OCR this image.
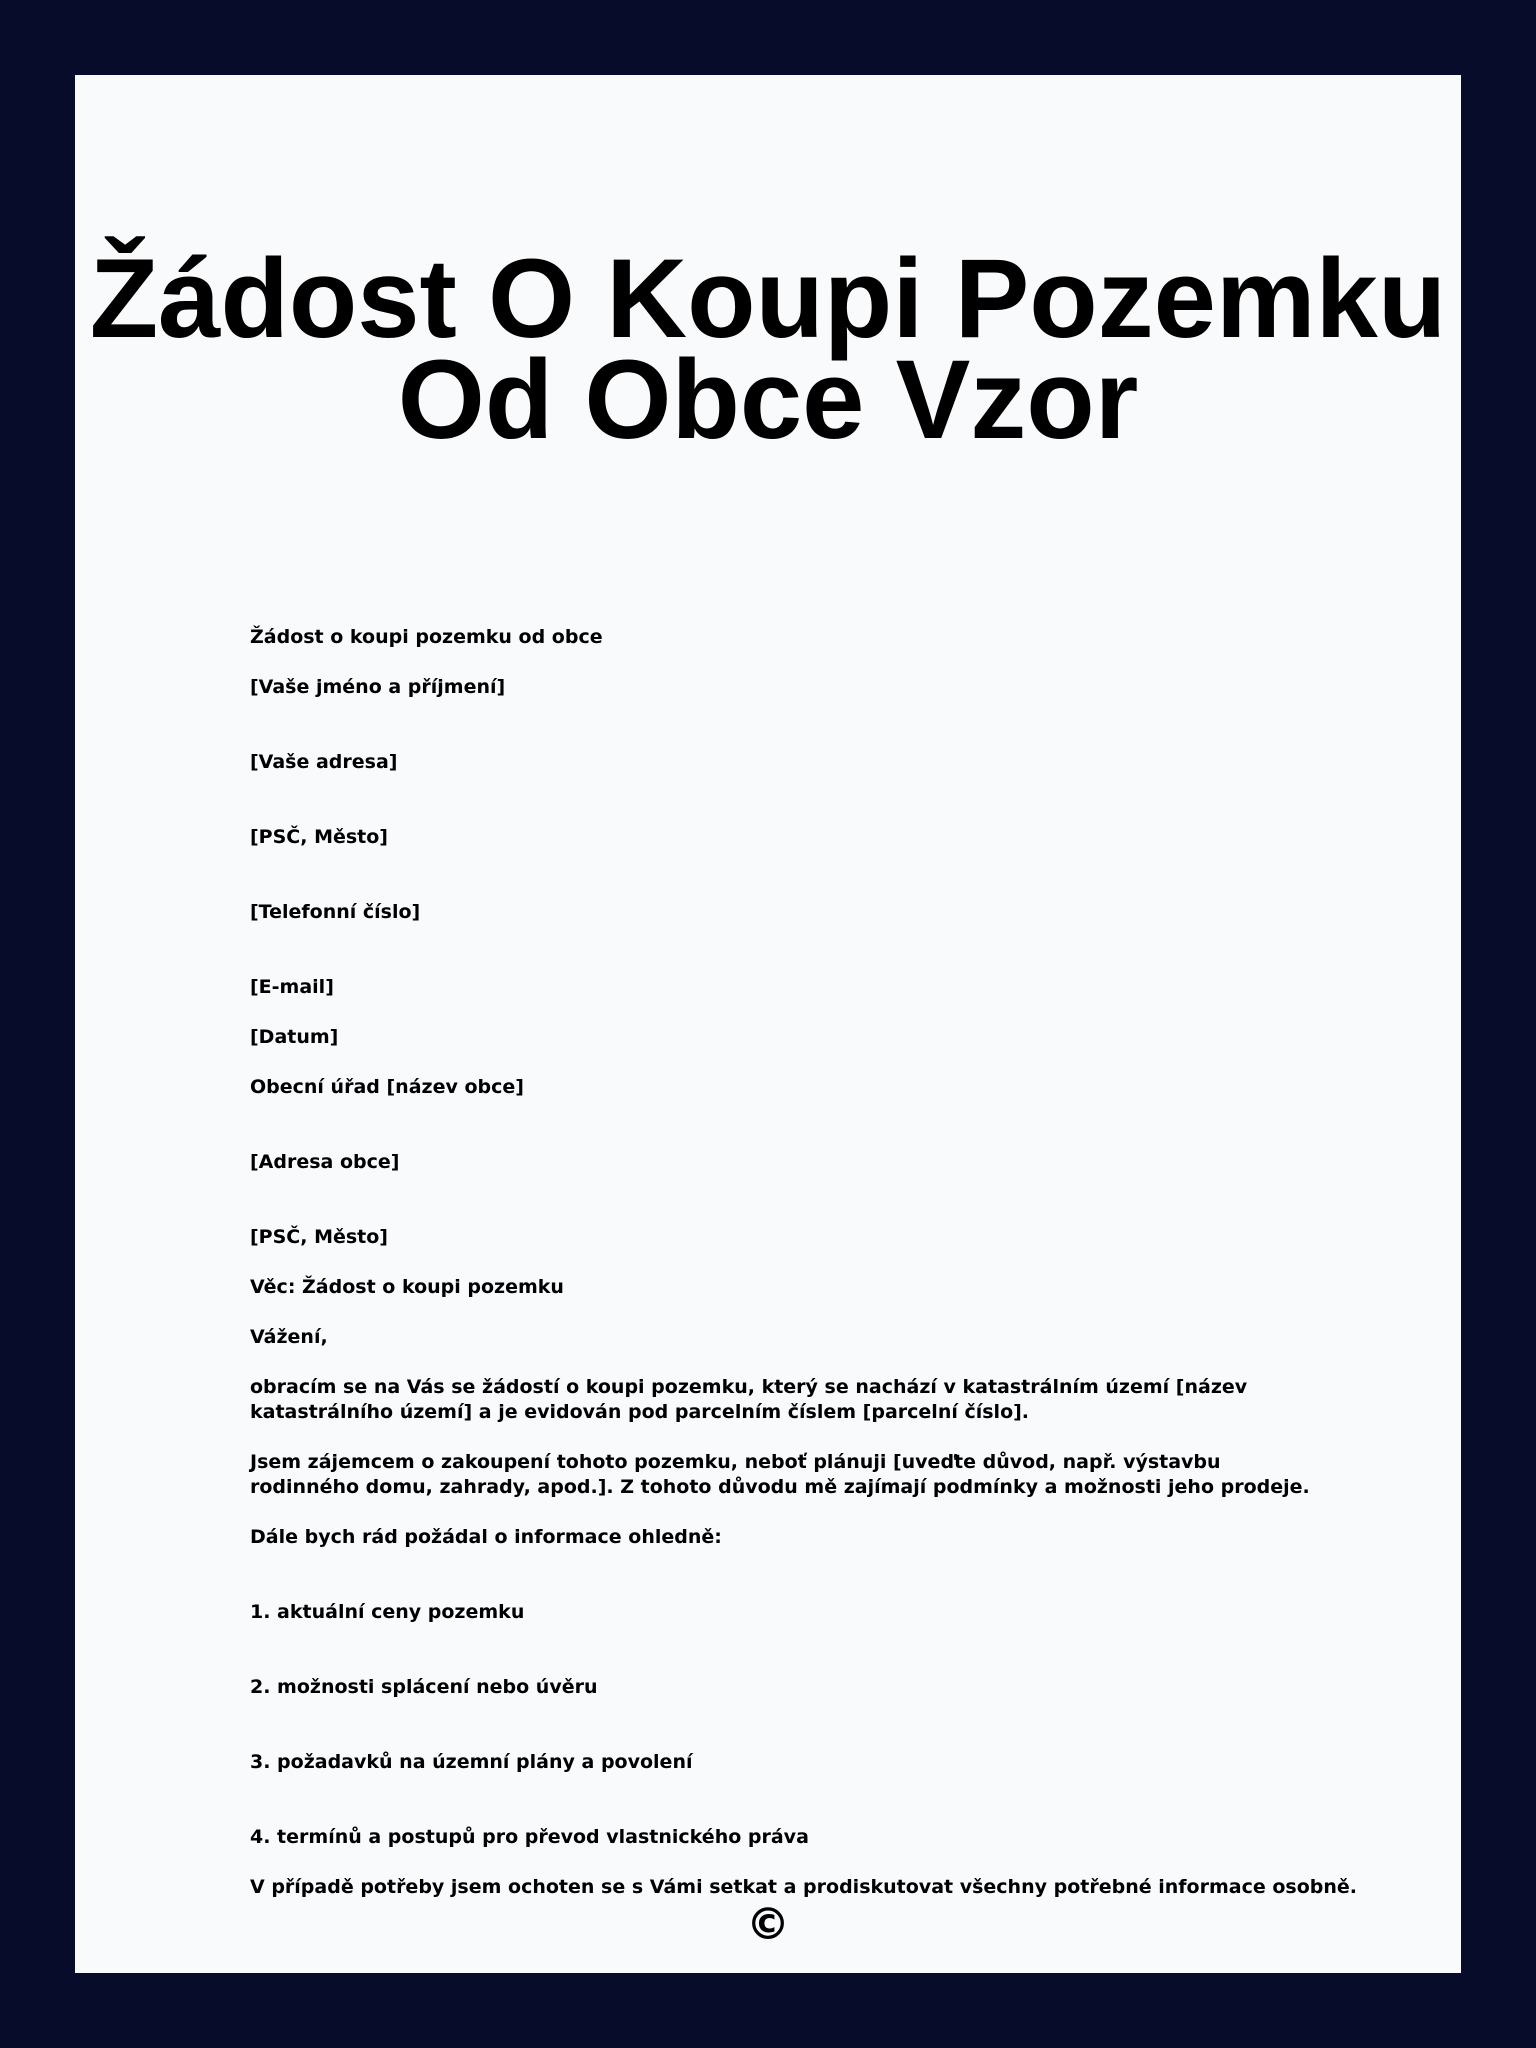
Žádost O Koupi Pozemku Od Obce Vzor
Žádost o koupi pozemku od obce
[Vaše jméno a příjmení]
[Vaše adresa]
[PSČ, Město]
[Telefonní číslo]
[E-mail]
[Datum]
Obecní úřad [název obce]
[Adresa obce]
[PSČ, Město]
Věc: Žádost o koupi pozemku
Vážení,
obracím se na Vás se žádostí o koupi pozemku, který se nachází v katastrálním území [název katastrálního území] a je evidován pod parcelním číslem [parcelní číslo].
Jsem zájemcem o zakoupení tohoto pozemku, neboť plánuji [uveďte důvod, např. výstavbu rodinného domu, zahrady, apod.]. Z tohoto důvodu mě zajímají podmínky a možnosti jeho prodeje.
Dále bych rád požádal o informace ohledně:
1. aktuální ceny pozemku
2. možnosti splácení nebo úvěru
3. požadavků na územní plány a povolení
4. termínů a postupů pro převod vlastnického práva
V případě potřeby jsem ochoten se s Vámi setkat a prodiskutovat všechny potřebné informace osobně.
©
